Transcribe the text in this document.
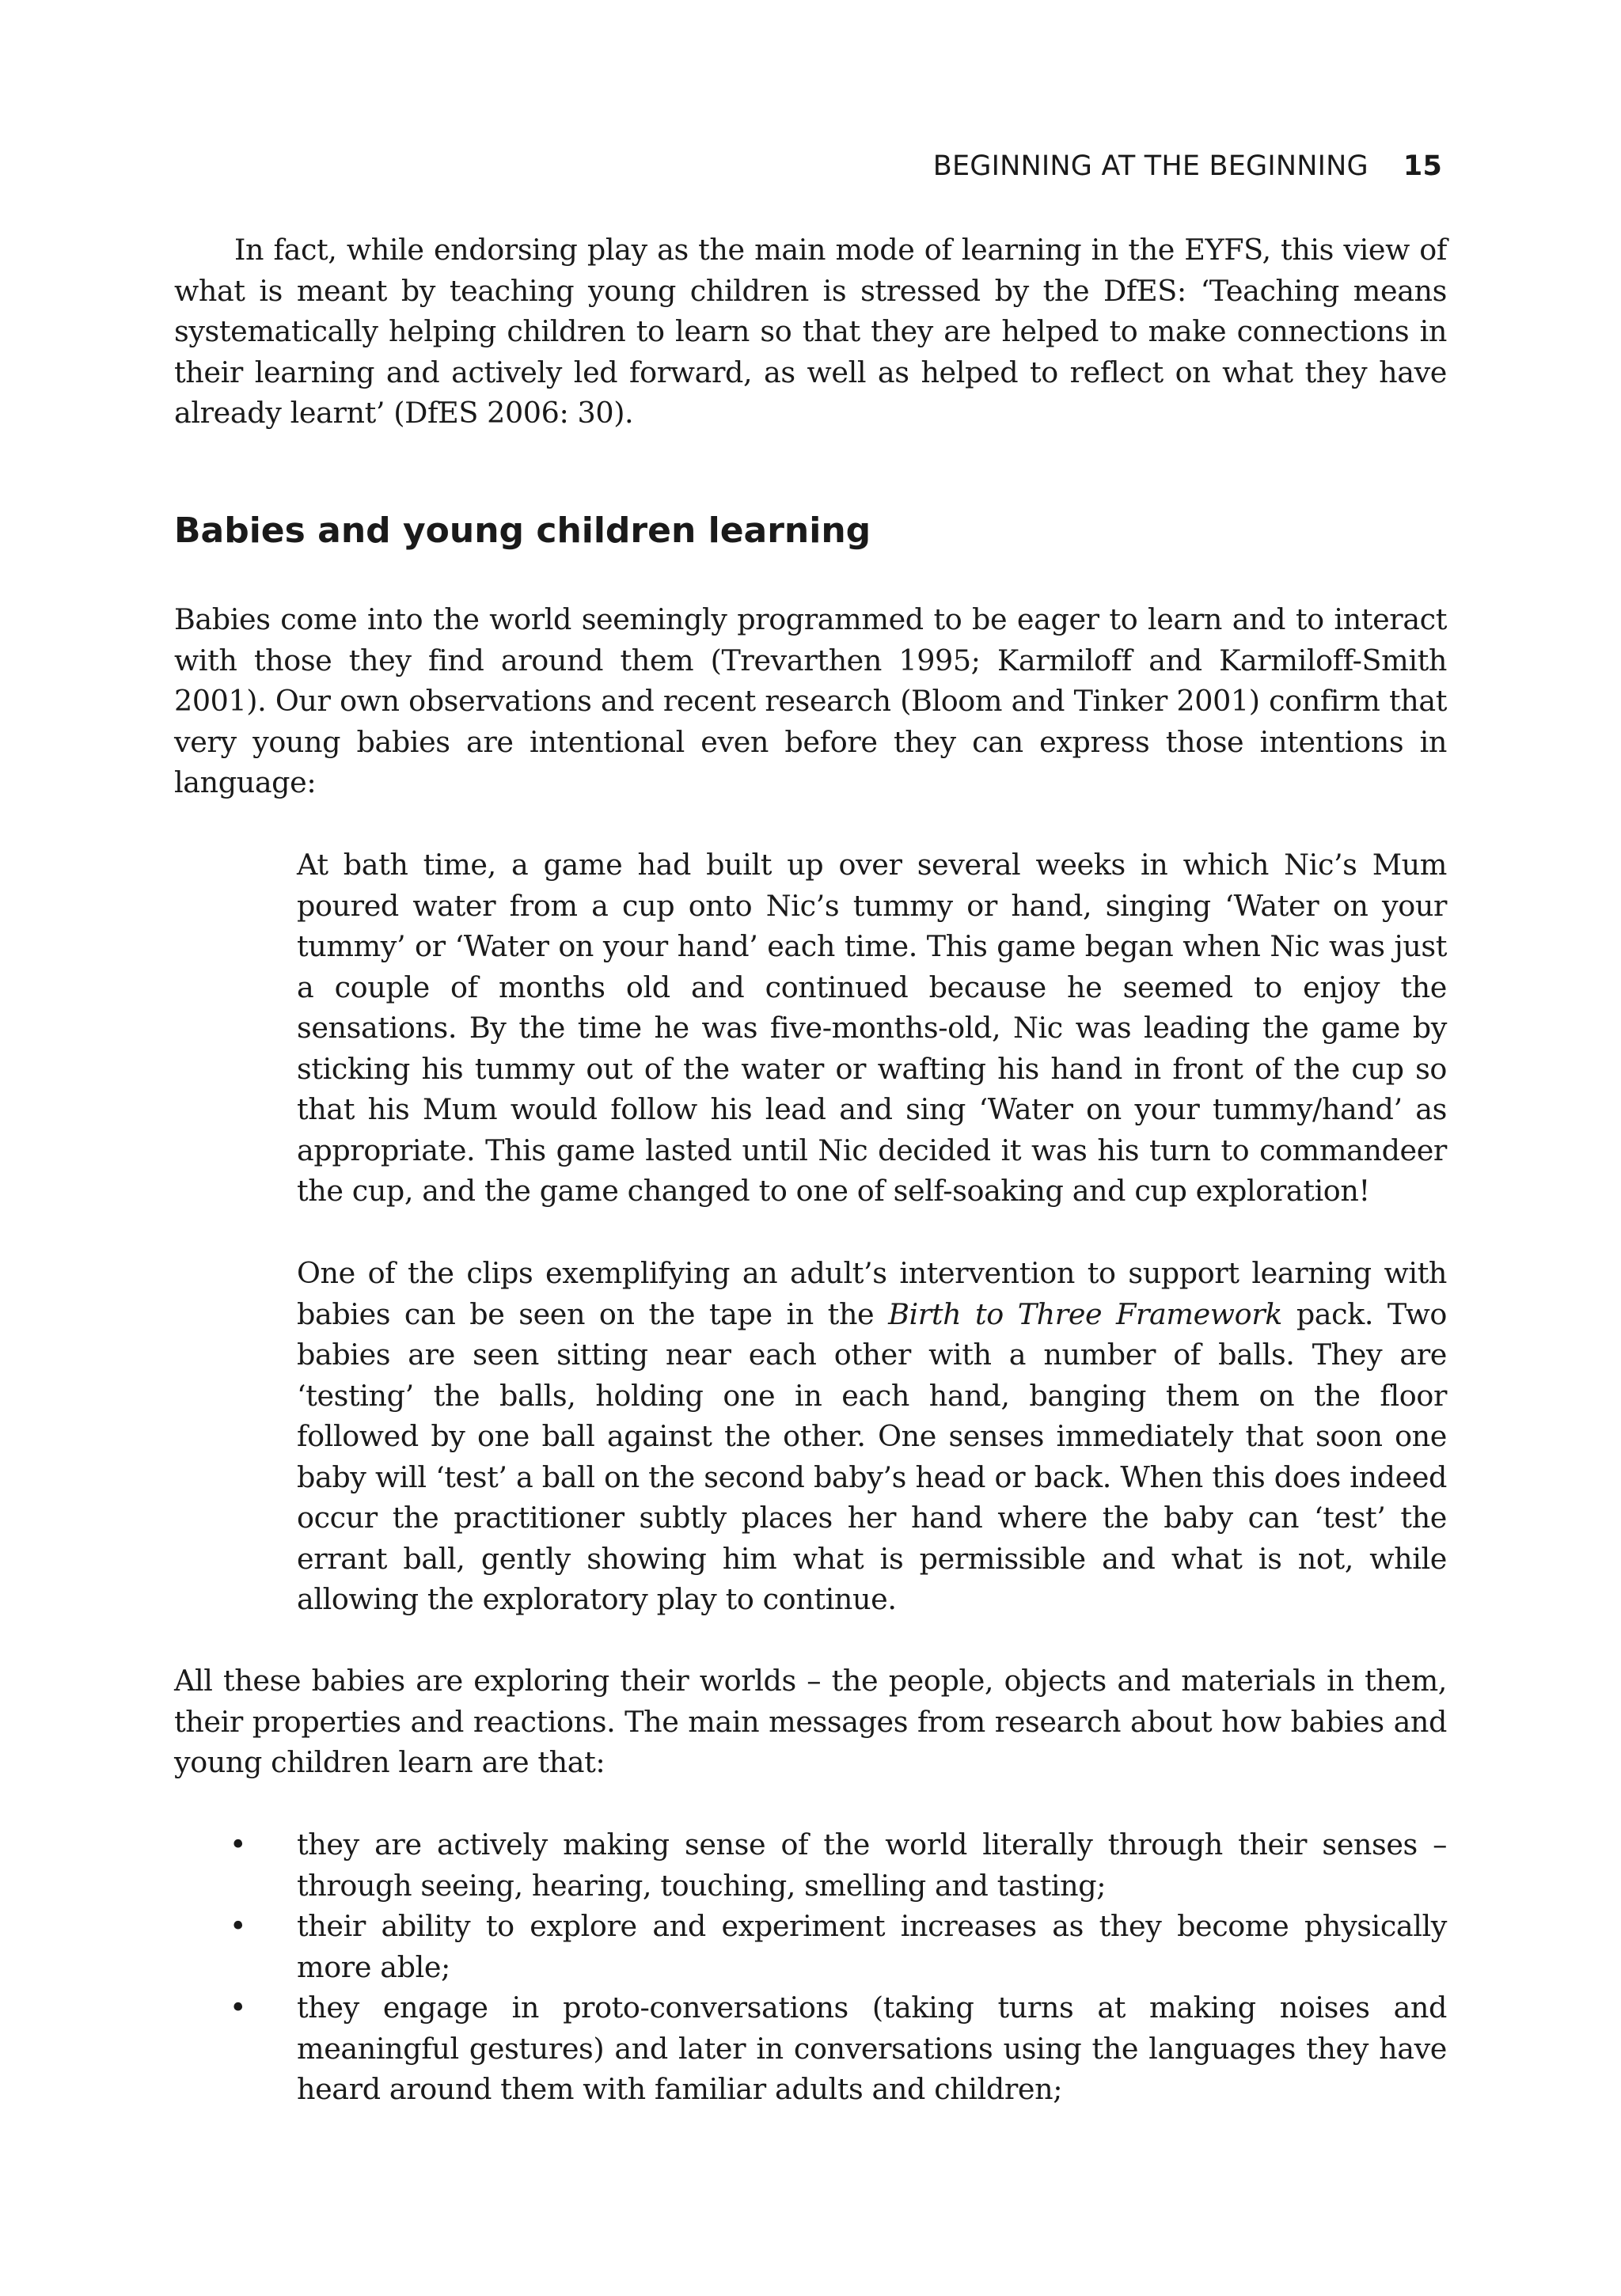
BEGINNING AT THE BEGINNING 15

In fact, while endorsing play as the main mode of learning in the EYFS, this view of what is meant by teaching young children is stressed by the DfES: ‘Teaching means systematically helping children to learn so that they are helped to make connections in their learning and actively led forward, as well as helped to reflect on what they have already learnt’ (DfES 2006: 30).

Babies and young children learning

Babies come into the world seemingly programmed to be eager to learn and to interact with those they find around them (Trevarthen 1995; Karmiloff and Karmiloff-Smith 2001). Our own observations and recent research (Bloom and Tinker 2001) confirm that very young babies are intentional even before they can express those intentions in language:

At bath time, a game had built up over several weeks in which Nic’s Mum poured water from a cup onto Nic’s tummy or hand, singing ‘Water on your tummy’ or ‘Water on your hand’ each time. This game began when Nic was just a couple of months old and continued because he seemed to enjoy the sensations. By the time he was five-months-old, Nic was leading the game by sticking his tummy out of the water or wafting his hand in front of the cup so that his Mum would follow his lead and sing ‘Water on your tummy/hand’ as appropriate. This game lasted until Nic decided it was his turn to commandeer the cup, and the game changed to one of self-soaking and cup exploration!

One of the clips exemplifying an adult’s intervention to support learning with babies can be seen on the tape in the Birth to Three Framework pack. Two babies are seen sitting near each other with a number of balls. They are ‘testing’ the balls, holding one in each hand, banging them on the floor followed by one ball against the other. One senses immediately that soon one baby will ‘test’ a ball on the second baby’s head or back. When this does indeed occur the practitioner subtly places her hand where the baby can ‘test’ the errant ball, gently showing him what is permissible and what is not, while allowing the exploratory play to continue.

All these babies are exploring their worlds – the people, objects and materials in them, their properties and reactions. The main messages from research about how babies and young children learn are that:

• they are actively making sense of the world literally through their senses – through seeing, hearing, touching, smelling and tasting;
• their ability to explore and experiment increases as they become physically more able;
• they engage in proto-conversations (taking turns at making noises and meaningful gestures) and later in conversations using the languages they have heard around them with familiar adults and children;
